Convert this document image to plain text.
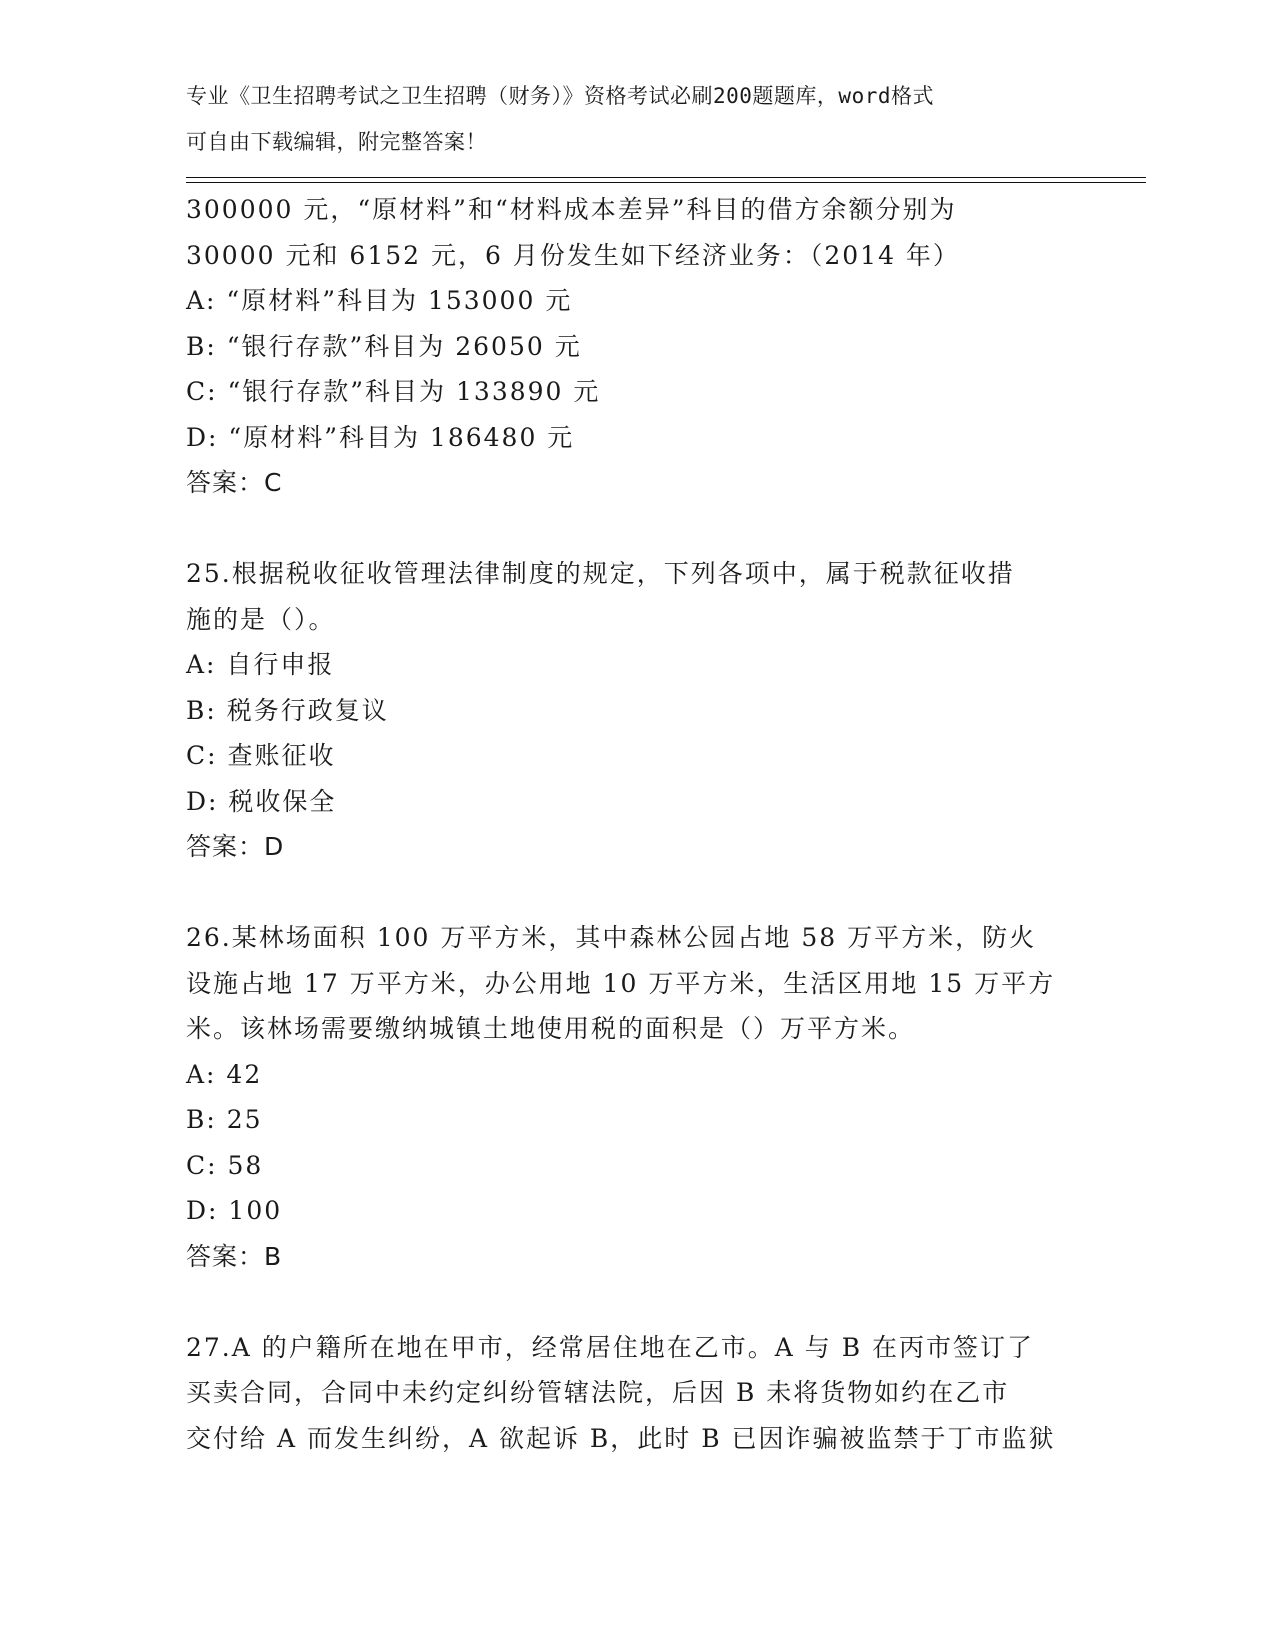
专业《卫生招聘考试之卫生招聘（财务）》资格考试必刷200题题库，word格式
可自由下载编辑，附完整答案！
300000 元，“原材料”和“材料成本差异”科目的借方余额分别为
30000 元和 6152 元，6 月份发生如下经济业务：（2014 年）
A: “原材料”科目为 153000 元
B: “银行存款”科目为 26050 元
C: “银行存款”科目为 133890 元
D: “原材料”科目为 186480 元
答案：C
25.根据税收征收管理法律制度的规定，下列各项中，属于税款征收措
施的是（）。
A: 自行申报
B: 税务行政复议
C: 查账征收
D: 税收保全
答案：D
26.某林场面积 100 万平方米，其中森林公园占地 58 万平方米，防火
设施占地 17 万平方米，办公用地 10 万平方米，生活区用地 15 万平方
米。该林场需要缴纳城镇土地使用税的面积是（）万平方米。
A: 42
B: 25
C: 58
D: 100
答案：B
27.A 的户籍所在地在甲市，经常居住地在乙市。A 与 B 在丙市签订了
买卖合同，合同中未约定纠纷管辖法院，后因 B 未将货物如约在乙市
交付给 A 而发生纠纷，A 欲起诉 B，此时 B 已因诈骗被监禁于丁市监狱
